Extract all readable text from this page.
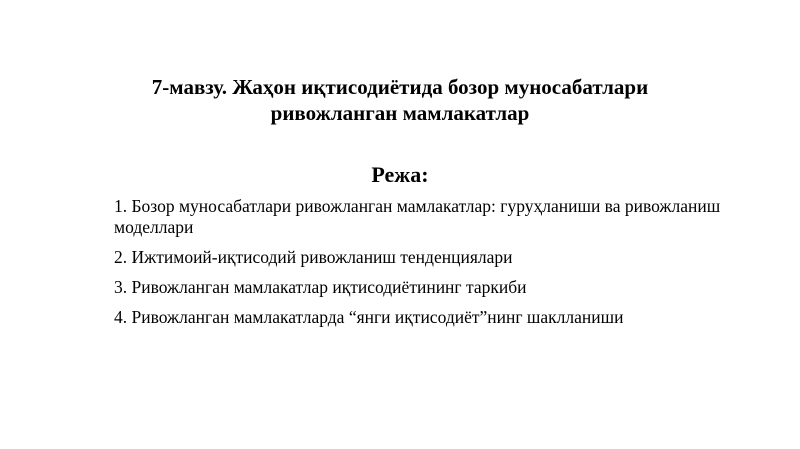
7-мавзу. Жаҳон иқтисодиётида бозор муносабатлари
ривожланган мамлакатлар
Режа:
1. Бозор муносабатлари ривожланган мамлакатлар: гуруҳланиши ва ривожланиш моделлари
2. Ижтимоий-иқтисодий ривожланиш тенденциялари
3. Ривожланган мамлакатлар иқтисодиётининг таркиби
4. Ривожланган мамлакатларда “янги иқтисодиёт”нинг шаклланиши
